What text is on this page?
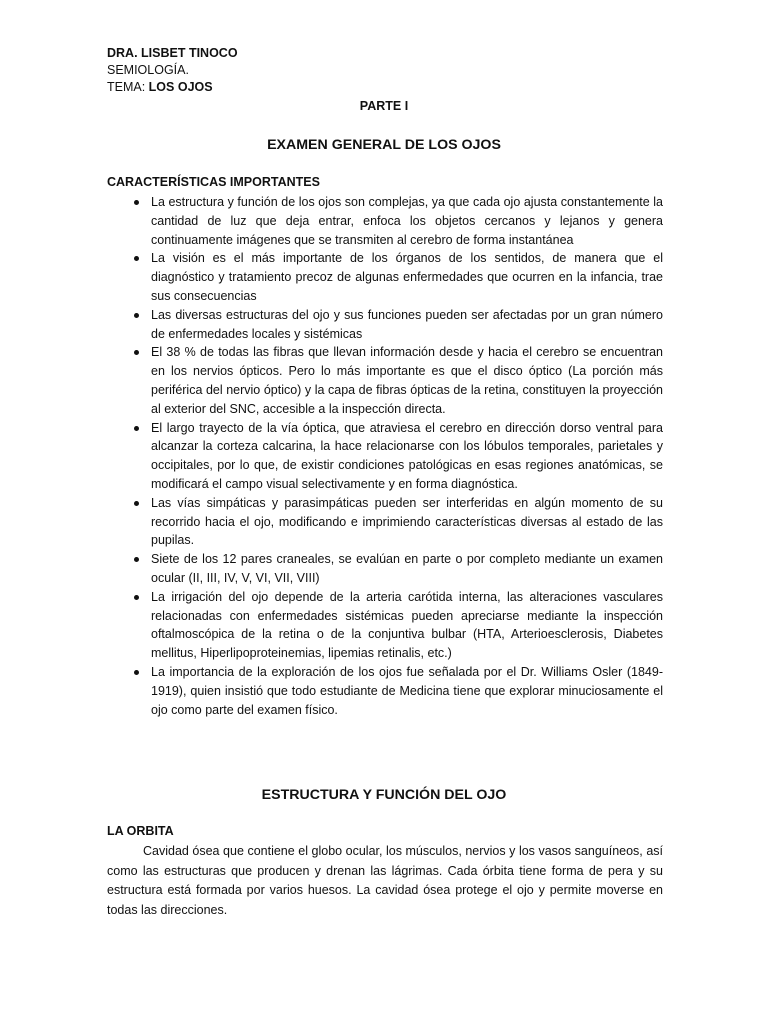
DRA. LISBET TINOCO
SEMIOLOGÍA.
TEMA: LOS OJOS
PARTE I
EXAMEN GENERAL DE LOS OJOS
CARACTERÍSTICAS IMPORTANTES
La estructura y función de los ojos son complejas, ya que cada ojo ajusta constantemente la cantidad de luz que deja entrar, enfoca los objetos cercanos y lejanos y genera continuamente imágenes que se transmiten al cerebro de forma instantánea
La visión es el más importante de los órganos de los sentidos, de manera que el diagnóstico y tratamiento precoz de algunas enfermedades que ocurren en la infancia, trae sus consecuencias
Las diversas estructuras del ojo y sus funciones pueden ser afectadas por un gran número de enfermedades locales y sistémicas
El 38 % de todas las fibras que llevan información desde y hacia el cerebro se encuentran en los nervios ópticos. Pero lo más importante es que el disco óptico (La porción más periférica del nervio óptico) y la capa de fibras ópticas de la retina, constituyen la proyección al exterior del SNC, accesible a la inspección directa.
El largo trayecto de la vía óptica, que atraviesa el cerebro en dirección dorso ventral para alcanzar la corteza calcarina, la hace relacionarse con los lóbulos temporales, parietales y occipitales, por lo que, de existir condiciones patológicas en esas regiones anatómicas, se modificará el campo visual selectivamente y en forma diagnóstica.
Las vías simpáticas y parasimpáticas pueden ser interferidas en algún momento de su recorrido hacia el ojo, modificando e imprimiendo características diversas al estado de las pupilas.
Siete de los 12 pares craneales, se evalúan en parte o por completo mediante un examen ocular (II, III, IV, V, VI, VII, VIII)
La irrigación del ojo depende de la arteria carótida interna, las alteraciones vasculares relacionadas con enfermedades sistémicas pueden apreciarse mediante la inspección oftalmoscópica de la retina o de la conjuntiva bulbar (HTA, Arterioesclerosis, Diabetes mellitus, Hiperlipoproteinemias, lipemias retinalis, etc.)
La importancia de la exploración de los ojos fue señalada por el Dr. Williams Osler (1849-1919), quien insistió que todo estudiante de Medicina tiene que explorar minuciosamente el ojo como parte del examen físico.
ESTRUCTURA Y FUNCIÓN DEL OJO
LA ORBITA

Cavidad ósea que contiene el globo ocular, los músculos, nervios y los vasos sanguíneos, así como las estructuras que producen y drenan las lágrimas. Cada órbita tiene forma de pera y su estructura está formada por varios huesos. La cavidad ósea protege el ojo y permite moverse en todas las direcciones.
